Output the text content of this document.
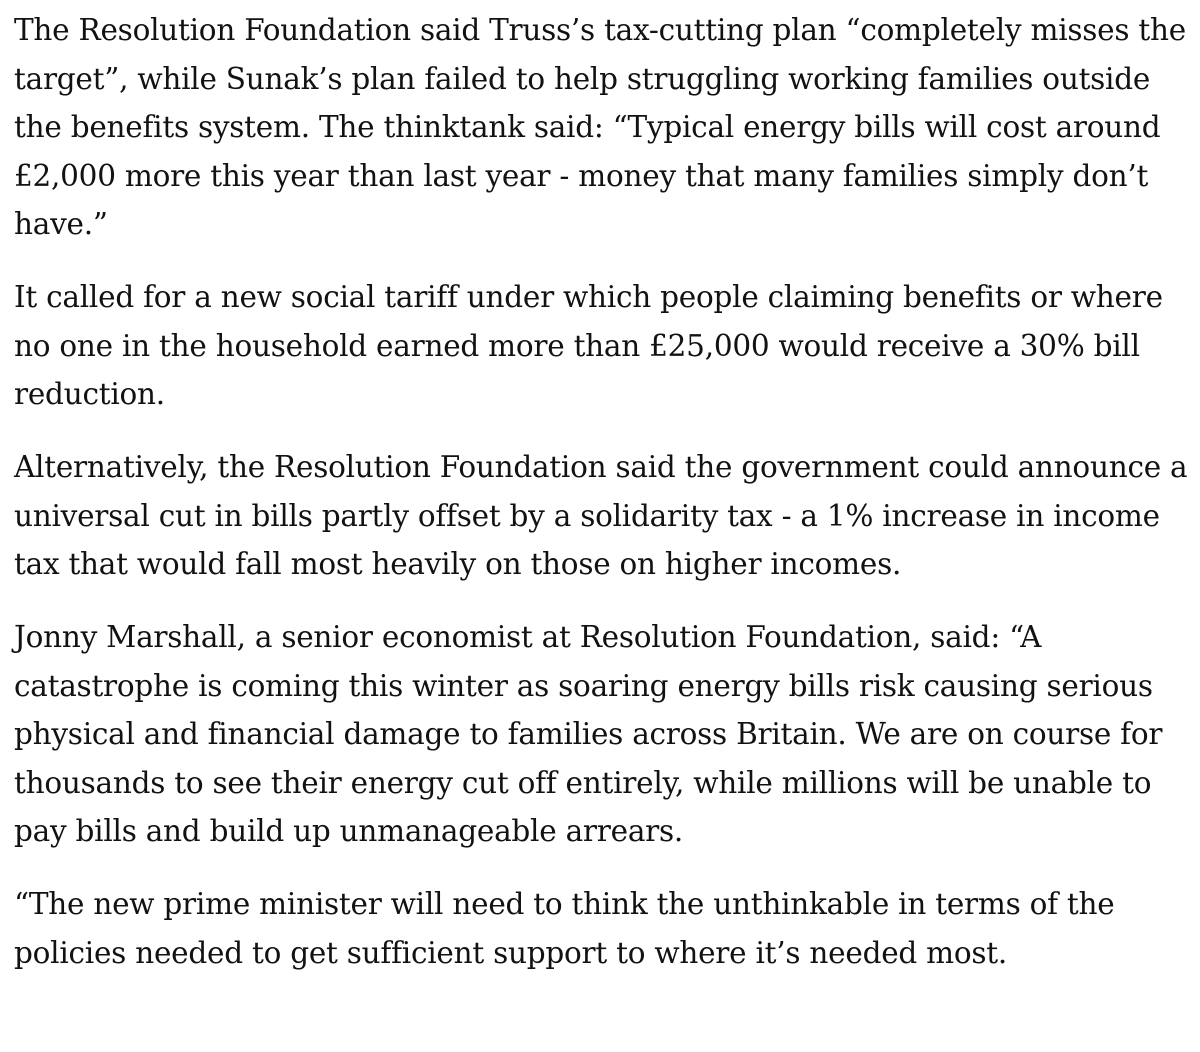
The Resolution Foundation said Truss’s tax-cutting plan “completely misses the target”, while Sunak’s plan failed to help struggling working families outside the benefits system. The thinktank said: “Typical energy bills will cost around £2,000 more this year than last year - money that many families simply don’t have.”

It called for a new social tariff under which people claiming benefits or where no one in the household earned more than £25,000 would receive a 30% bill reduction.

Alternatively, the Resolution Foundation said the government could announce a universal cut in bills partly offset by a solidarity tax - a 1% increase in income tax that would fall most heavily on those on higher incomes.

Jonny Marshall, a senior economist at Resolution Foundation, said: “A catastrophe is coming this winter as soaring energy bills risk causing serious physical and financial damage to families across Britain. We are on course for thousands to see their energy cut off entirely, while millions will be unable to pay bills and build up unmanageable arrears.

“The new prime minister will need to think the unthinkable in terms of the policies needed to get sufficient support to where it’s needed most.
